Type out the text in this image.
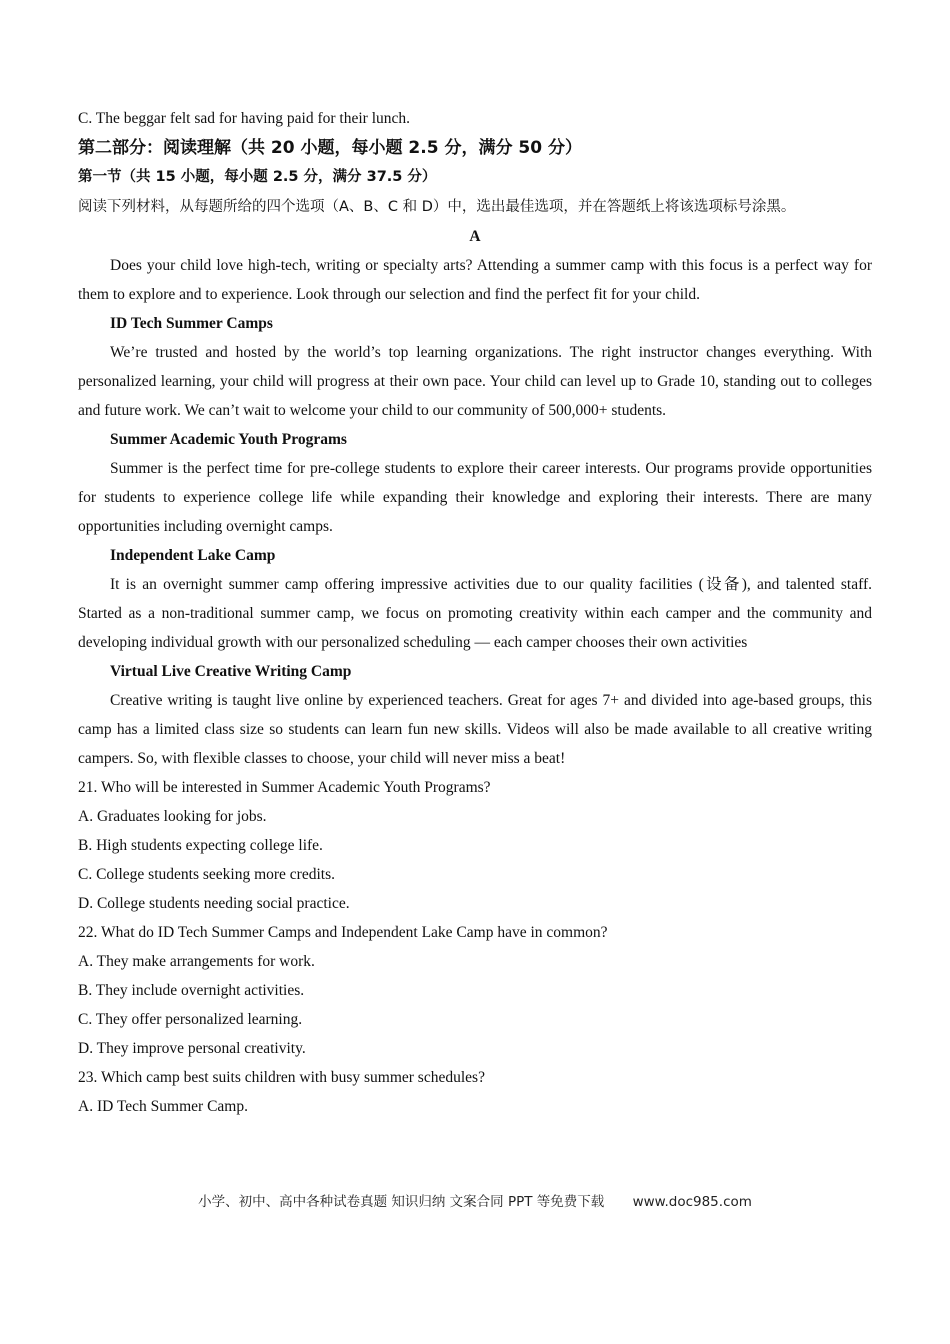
C. The beggar felt sad for having paid for their lunch.

第二部分：阅读理解（共 20 小题，每小题 2.5 分，满分 50 分）

第一节（共 15 小题，每小题 2.5 分，满分 37.5 分）

阅读下列材料，从每题所给的四个选项（A、B、C 和 D）中，选出最佳选项，并在答题纸上将该选项标号涂黑。

A

Does your child love high-tech, writing or specialty arts? Attending a summer camp with this focus is a perfect way for them to explore and to experience. Look through our selection and find the perfect fit for your child.

ID Tech Summer Camps

We’re trusted and hosted by the world’s top learning organizations. The right instructor changes everything. With personalized learning, your child will progress at their own pace. Your child can level up to Grade 10, standing out to colleges and future work. We can’t wait to welcome your child to our community of 500,000+ students.

Summer Academic Youth Programs

Summer is the perfect time for pre-college students to explore their career interests. Our programs provide opportunities for students to experience college life while expanding their knowledge and exploring their interests. There are many opportunities including overnight camps.

Independent Lake Camp

It is an overnight summer camp offering impressive activities due to our quality facilities (设备), and talented staff. Started as a non-traditional summer camp, we focus on promoting creativity within each camper and the community and developing individual growth with our personalized scheduling — each camper chooses their own activities

Virtual Live Creative Writing Camp

Creative writing is taught live online by experienced teachers. Great for ages 7+ and divided into age-based groups, this camp has a limited class size so students can learn fun new skills. Videos will also be made available to all creative writing campers. So, with flexible classes to choose, your child will never miss a beat!

21. Who will be interested in Summer Academic Youth Programs?

A. Graduates looking for jobs.

B. High students expecting college life.

C. College students seeking more credits.

D. College students needing social practice.

22. What do ID Tech Summer Camps and Independent Lake Camp have in common?

A. They make arrangements for work.

B. They include overnight activities.

C. They offer personalized learning.

D. They improve personal creativity.

23. Which camp best suits children with busy summer schedules?

A. ID Tech Summer Camp.

小学、初中、高中各种试卷真题 知识归纳 文案合同 PPT 等免费下载 www.doc985.com
